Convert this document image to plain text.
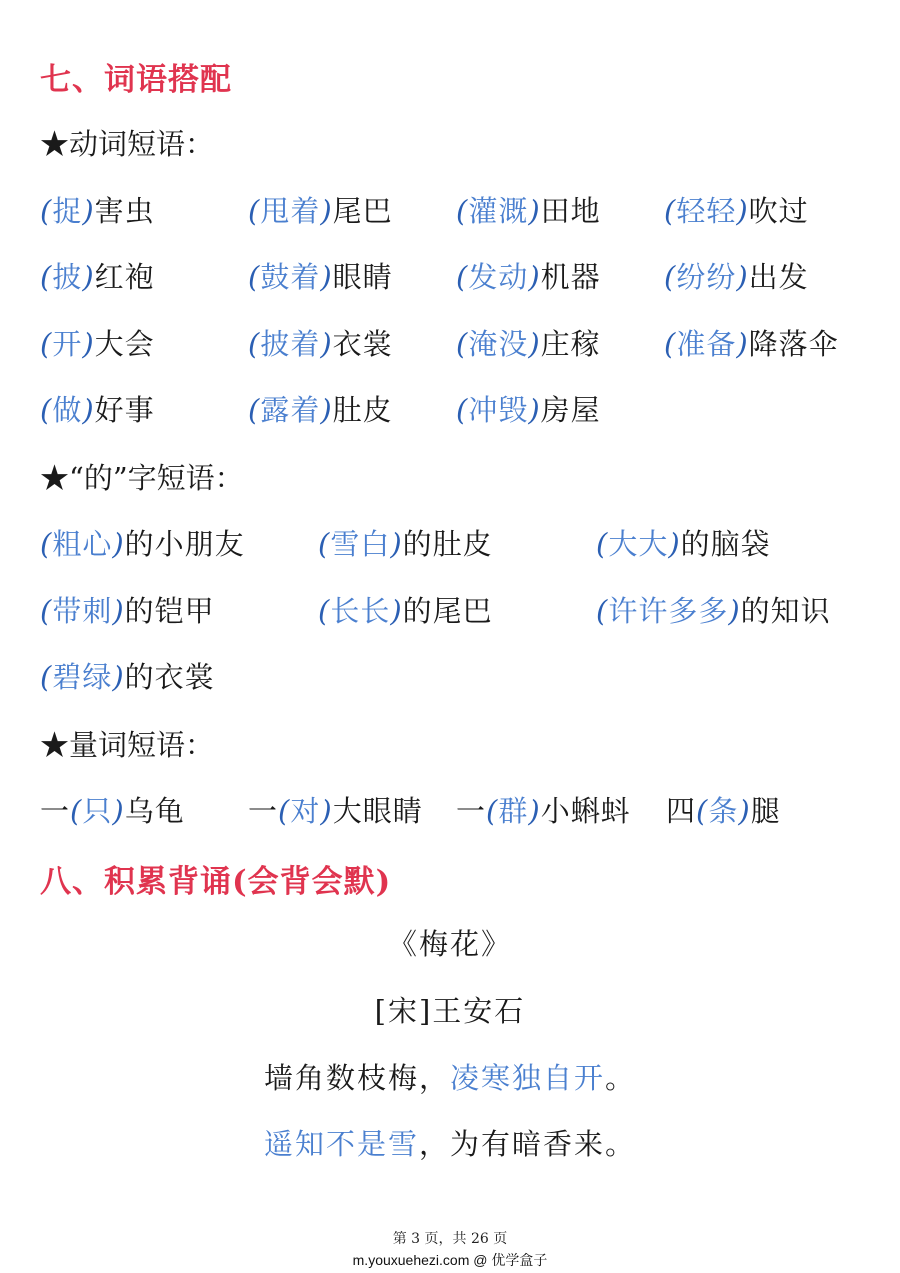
七、词语搭配
★动词短语：
(捉)害虫	(甩着)尾巴 (灌溉)田地 (轻轻)吹过
(披)红袍	(鼓着)眼睛 (发动)机器 (纷纷)出发
(开)大会	(披着)衣裳 (淹没)庄稼 (准备)降落伞
(做)好事	(露着)肚皮 (冲毁)房屋
★“的”字短语：
(粗心)的小朋友	(雪白)的肚皮	(大大)的脑袋
(带刺)的铠甲	(长长)的尾巴	(许许多多)的知识
(碧绿)的衣裳
★量词短语：
一(只)乌龟 一(对)大眼睛 一(群)小蝌蚪 四(条)腿
八、积累背诵(会背会默)
《梅花》
[宋]王安石
墙角数枝梅，凌寒独自开。
遥知不是雪，为有暗香来。
第 3 页，共 26 页
m.youxuehezi.com @ 优学盒子
